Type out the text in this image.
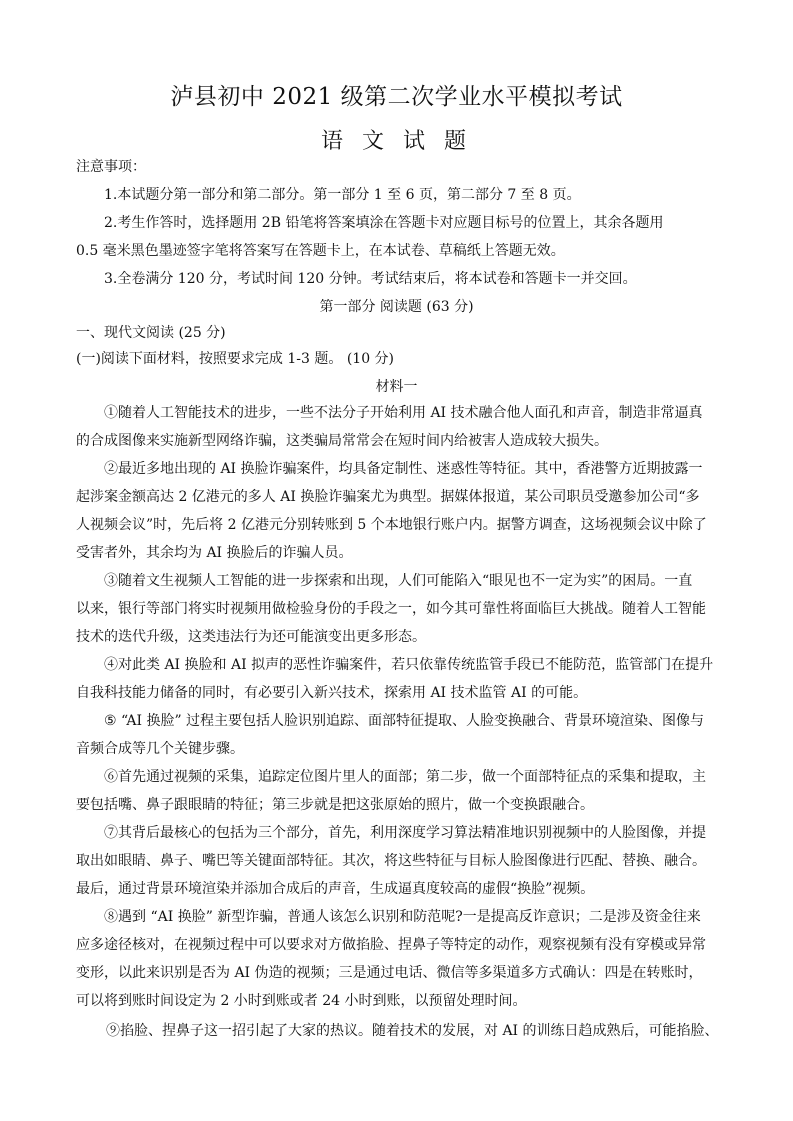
泸县初中 2021 级第二次学业水平模拟考试
语 文 试 题
注意事项：
1.本试题分第一部分和第二部分。第一部分 1 至 6 页，第二部分 7 至 8 页。
2.考生作答时，选择题用 2B 铅笔将答案填涂在答题卡对应题目标号的位置上，其余各题用
0.5 毫米黑色墨迹签字笔将答案写在答题卡上，在本试卷、草稿纸上答题无效。
3.全卷满分 120 分，考试时间 120 分钟。考试结束后，将本试卷和答题卡一并交回。
第一部分 阅读题 (63 分)
一、现代文阅读 (25 分)
(一)阅读下面材料，按照要求完成 1-3 题。 (10 分)
材料一
①随着人工智能技术的进步，一些不法分子开始利用 AI 技术融合他人面孔和声音，制造非常逼真
的合成图像来实施新型网络诈骗，这类骗局常常会在短时间内给被害人造成较大损失。
②最近多地出现的 AI 换脸诈骗案件，均具备定制性、迷惑性等特征。其中，香港警方近期披露一
起涉案金额高达 2 亿港元的多人 AI 换脸诈骗案尤为典型。据媒体报道，某公司职员受邀参加公司“多
人视频会议”时，先后将 2 亿港元分别转账到 5 个本地银行账户内。据警方调查，这场视频会议中除了
受害者外，其余均为 AI 换脸后的诈骗人员。
③随着文生视频人工智能的进一步探索和出现，人们可能陷入“眼见也不一定为实”的困局。一直
以来，银行等部门将实时视频用做检验身份的手段之一，如今其可靠性将面临巨大挑战。随着人工智能
技术的迭代升级，这类违法行为还可能演变出更多形态。
④对此类 AI 换脸和 AI 拟声的恶性诈骗案件，若只依靠传统监管手段已不能防范，监管部门在提升
自我科技能力储备的同时，有必要引入新兴技术，探索用 AI 技术监管 AI 的可能。
⑤ “AI 换脸” 过程主要包括人脸识别追踪、面部特征提取、人脸变换融合、背景环境渲染、图像与
音频合成等几个关键步骤。
⑥首先通过视频的采集，追踪定位图片里人的面部；第二步，做一个面部特征点的采集和提取，主
要包括嘴、鼻子跟眼睛的特征；第三步就是把这张原始的照片，做一个变换跟融合。
⑦其背后最核心的包括为三个部分，首先，利用深度学习算法精准地识别视频中的人脸图像，并提
取出如眼睛、鼻子、嘴巴等关键面部特征。其次，将这些特征与目标人脸图像进行匹配、替换、融合。
最后，通过背景环境渲染并添加合成后的声音，生成逼真度较高的虚假“换脸”视频。
⑧遇到 “AI 换脸” 新型诈骗，普通人该怎么识别和防范呢?一是提高反诈意识；二是涉及资金往来
应多途径核对，在视频过程中可以要求对方做掐脸、捏鼻子等特定的动作，观察视频有没有穿模或异常
变形，以此来识别是否为 AI 伪造的视频；三是通过电话、微信等多渠道多方式确认：四是在转账时，
可以将到账时间设定为 2 小时到账或者 24 小时到账，以预留处理时间。
⑨掐脸、捏鼻子这一招引起了大家的热议。随着技术的发展，对 AI 的训练日趋成熟后，可能掐脸、
